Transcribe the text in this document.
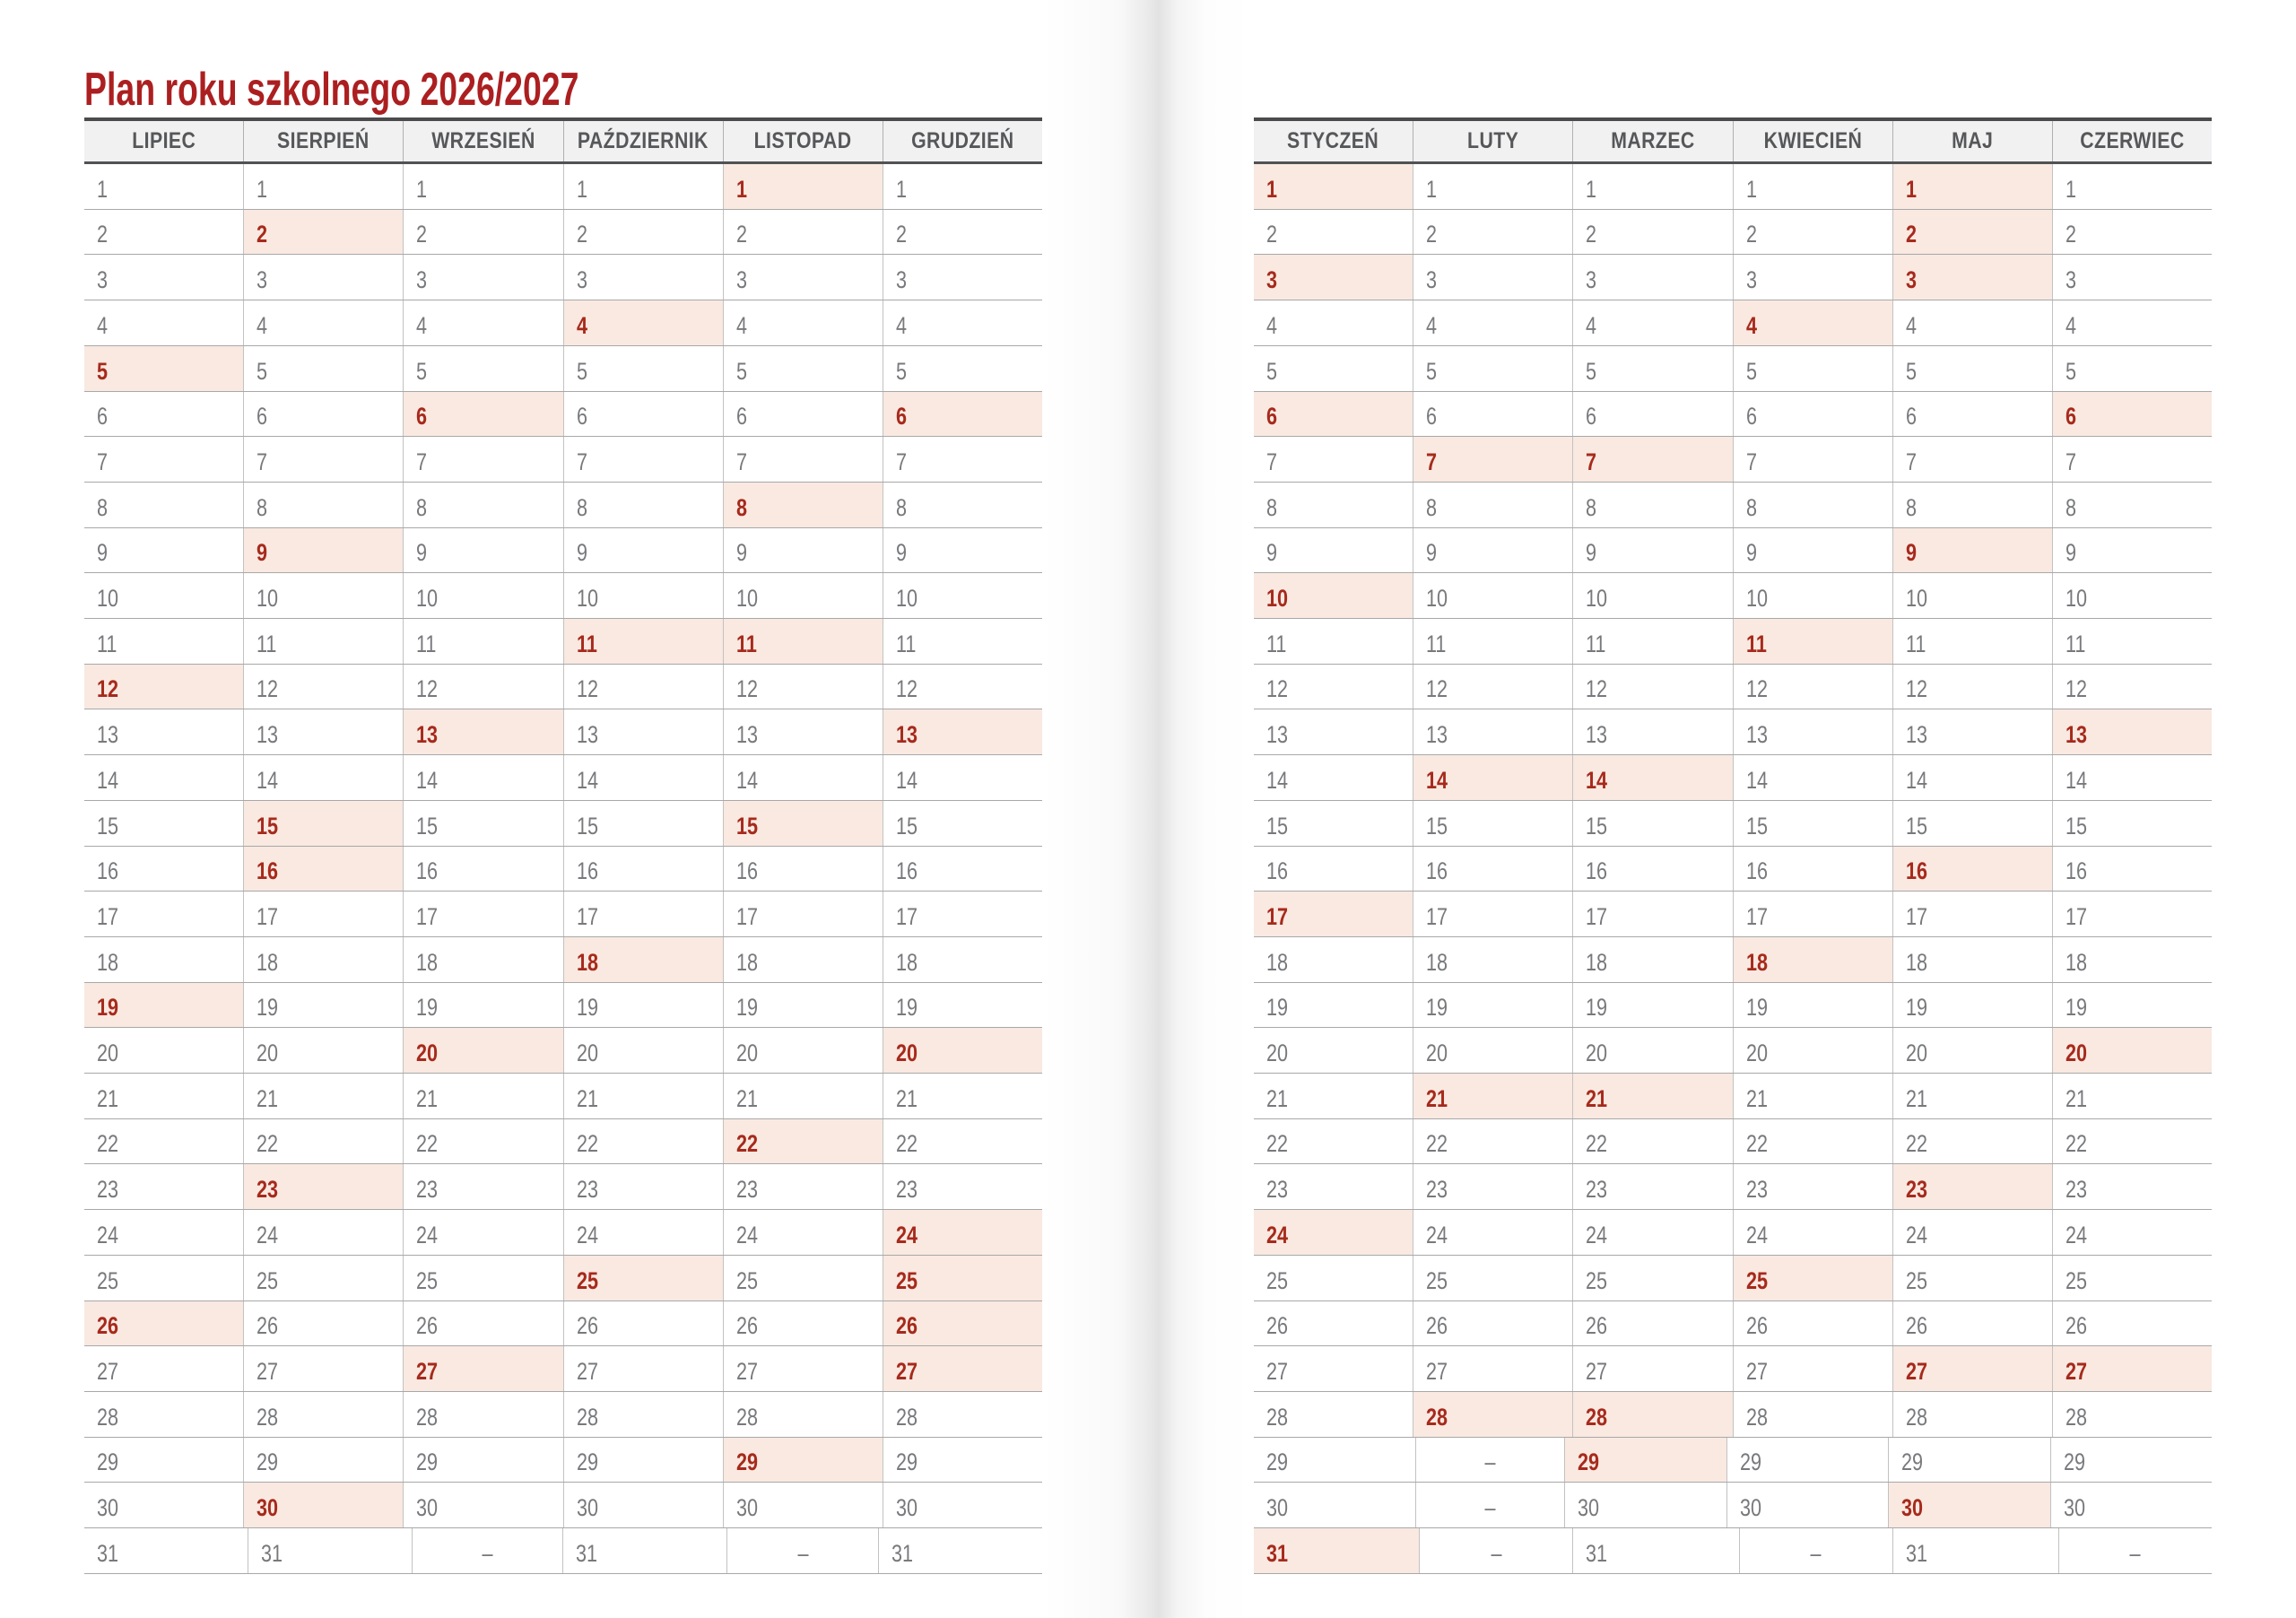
Plan roku szkolnego 2026/2027
LIPIEC	SIERPIEŃ	WRZESIEŃ PAŹDZIERNIK LISTOPAD	GRUDZIEŃ
1	1	1	1	1	1
2	2	2	2	2	2
3	3	3	3	3	3
4	4	4	4	4	4
5	5	5	5	5	5
6	6	6	6	6	6
7	7	7	7	7	7
8	8	8	8	8	8
9	9	9	9	9	9
10	10	10	10	10	10
11	11	11	11	11	11
12	12	12	12	12	12
13	13	13	13	13	13
14	14	14	14	14	14
15	15	15	15	15	15
16	16	16	16	16	16
17	17	17	17	17	17
18	18	18	18	18	18
19	19	19	19	19	19
20	20	20	20	20	20
21	21	21	21	21	21
22	22	22	22	22	22
23	23	23	23	23	23
24	24	24	24	24	24
25	25	25	25	25	25
26	26	26	26	26	26
27	27	27	27	27	27
28	28	28	28	28	28
29	29	29	29	29	29
30	30	30	30	30	30
31	31	–	31	–	31
STYCZEŃ	LUTY	MARZEC	KWIECIEŃ	MAJ	CZERWIEC
1	1	1	1	1	1
2	2	2	2	2	2
3	3	3	3	3	3
4	4	4	4	4	4
5	5	5	5	5	5
6	6	6	6	6	6
7	7	7	7	7	7
8	8	8	8	8	8
9	9	9	9	9	9
10	10	10	10	10	10
11	11	11	11	11	11
12	12	12	12	12	12
13	13	13	13	13	13
14	14	14	14	14	14
15	15	15	15	15	15
16	16	16	16	16	16
17	17	17	17	17	17
18	18	18	18	18	18
19	19	19	19	19	19
20	20	20	20	20	20
21	21	21	21	21	21
22	22	22	22	22	22
23	23	23	23	23	23
24	24	24	24	24	24
25	25	25	25	25	25
26	26	26	26	26	26
27	27	27	27	27	27
28	28	28	28	28	28
29	–	29	29	29	29
30	–	30	30	30	30
31	–	31	–	31	–
